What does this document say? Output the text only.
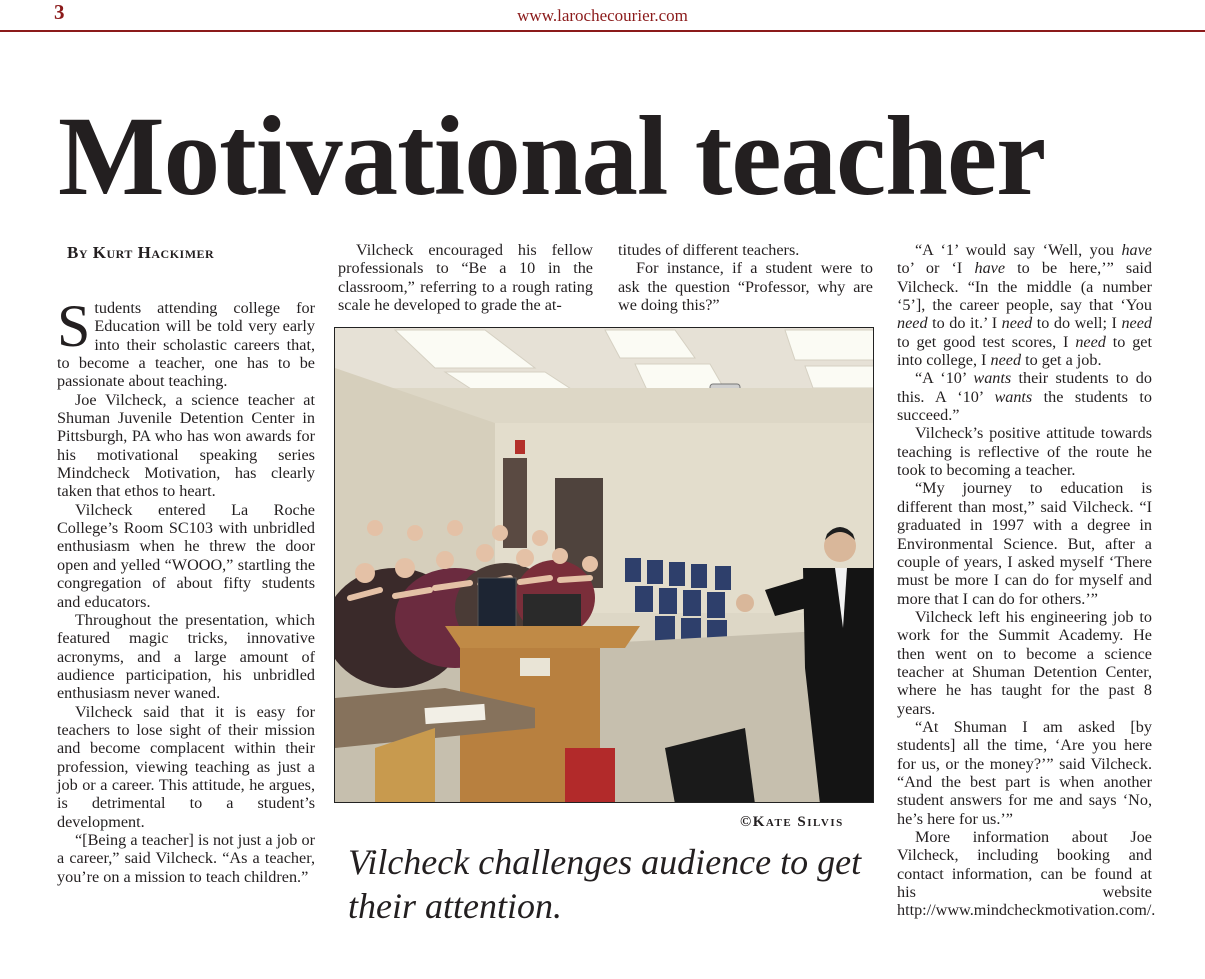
3	www.larochecourier.com
Motivational teacher
By Kurt Hackimer

Students attending college for Education will be told very early into their scholastic careers that, to become a teacher, one has to be passionate about teaching.

Joe Vilcheck, a science teacher at Shuman Juvenile Detention Center in Pittsburgh, PA who has won awards for his motivational speaking series Mindcheck Motivation, has clearly taken that ethos to heart.

Vilcheck entered La Roche College’s Room SC103 with unbridled enthusiasm when he threw the door open and yelled “WOOO,” startling the congregation of about fifty students and educators.

Throughout the presentation, which featured magic tricks, innovative acronyms, and a large amount of audience participation, his unbridled enthusiasm never waned.

Vilcheck said that it is easy for teachers to lose sight of their mission and become complacent within their profession, viewing teaching as just a job or a career. This attitude, he argues, is detrimental to a student’s development.

“[Being a teacher] is not just a job or a career,” said Vilcheck. “As a teacher, you’re on a mission to teach children.”

Vilcheck encouraged his fellow professionals to “Be a 10 in the classroom,” referring to a rough rating scale he developed to grade the at-

titudes of different teachers.

For instance, if a student were to ask the question “Professor, why are we doing this?”

“A ‘1’ would say ‘Well, you have to’ or ‘I have to be here,’” said Vilcheck. “In the middle (a number ‘5’], the career people, say that ‘You need to do it.’ I need to do well; I need to get good test scores, I need to get into college, I need to get a job.

“A ‘10’ wants their students to do this. A ‘10’ wants the students to succeed.”

Vilcheck’s positive attitude towards teaching is reflective of the route he took to becoming a teacher.

“My journey to education is different than most,” said Vilcheck. “I graduated in 1997 with a degree in Environmental Science. But, after a couple of years, I asked myself ‘There must be more I can do for myself and more that I can do for others.’”

Vilcheck left his engineering job to work for the Summit Academy. He then went on to become a science teacher at Shuman Detention Center, where he has taught for the past 8 years.

“At Shuman I am asked [by students] all the time, ‘Are you here for us, or the money?’” said Vilcheck. “And the best part is when another student answers for me and says ‘No, he’s here for us.’”

More information about Joe Vilcheck, including booking and contact information, can be found at his website http://www.mindcheckmotivation.com/.

©Kate Silvis
Vilcheck challenges audience to get their attention.
